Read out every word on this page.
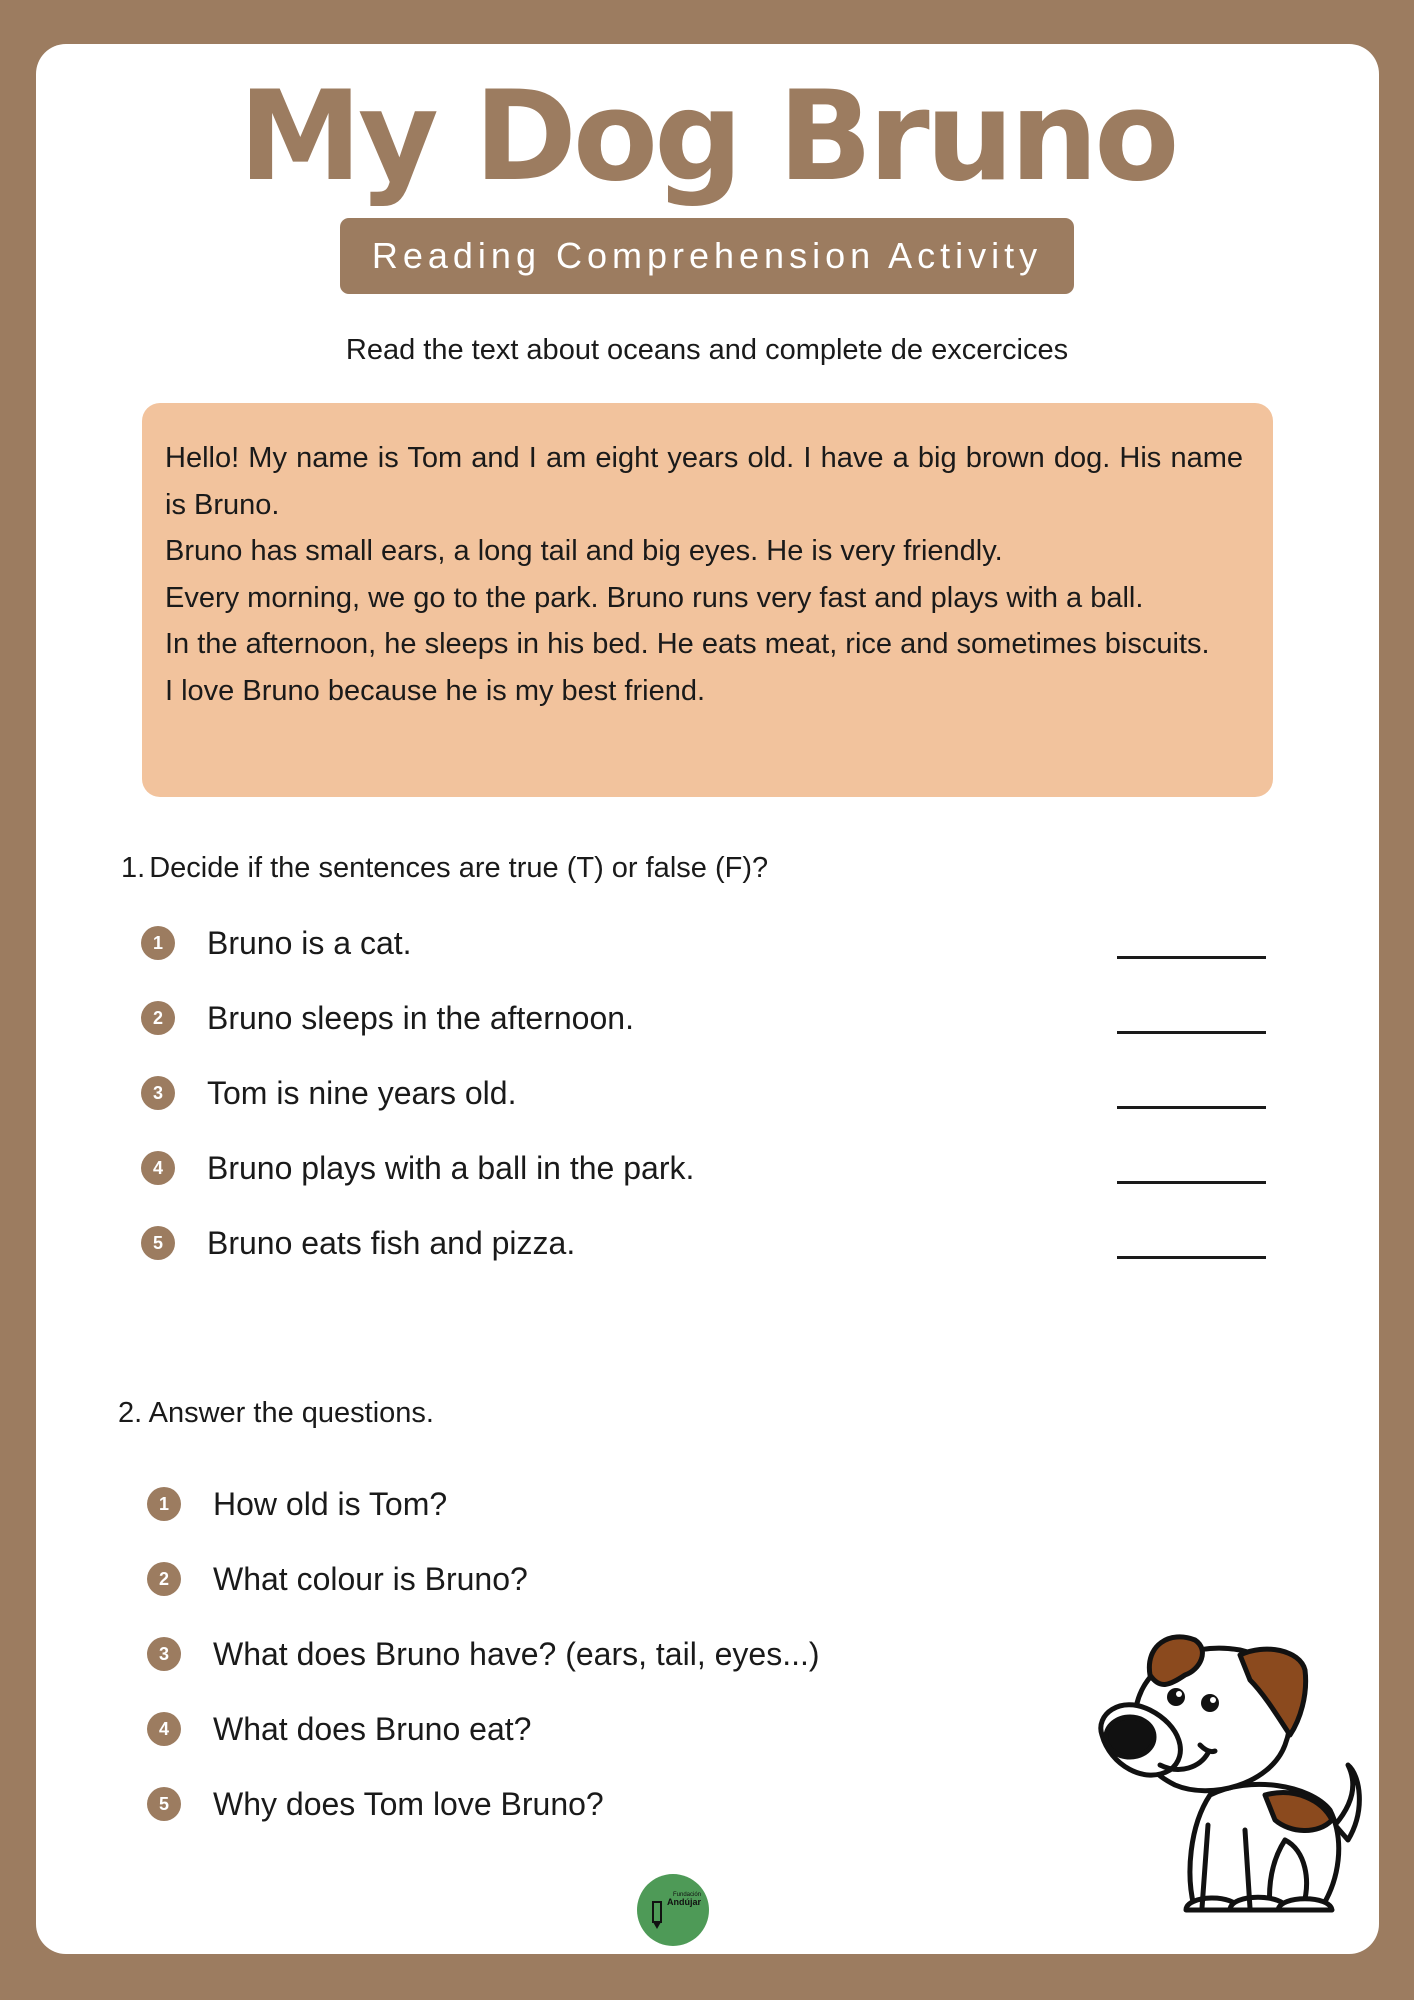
My Dog Bruno
Reading Comprehension Activity
Read the text about oceans and complete de excercices

Hello! My name is Tom and I am eight years old. I have a big brown dog. His name is Bruno.

Bruno has small ears, a long tail and big eyes. He is very friendly.

Every morning, we go to the park. Bruno runs very fast and plays with a ball.

In the afternoon, he sleeps in his bed. He eats meat, rice and sometimes biscuits.

I love Bruno because he is my best friend.

1. Decide if the sentences are true (T) or false (F)?
1	Bruno is a cat.
2	Bruno sleeps in the afternoon.
3	Tom is nine years old.
4	Bruno plays with a ball in the park.
5	Bruno eats fish and pizza.
2. Answer the questions.
1	How old is Tom?
2	What colour is Bruno?
3	What does Bruno have? (ears, tail, eyes...)
4	What does Bruno eat?
5	Why does Tom love Bruno?
Fundación
Andújar
